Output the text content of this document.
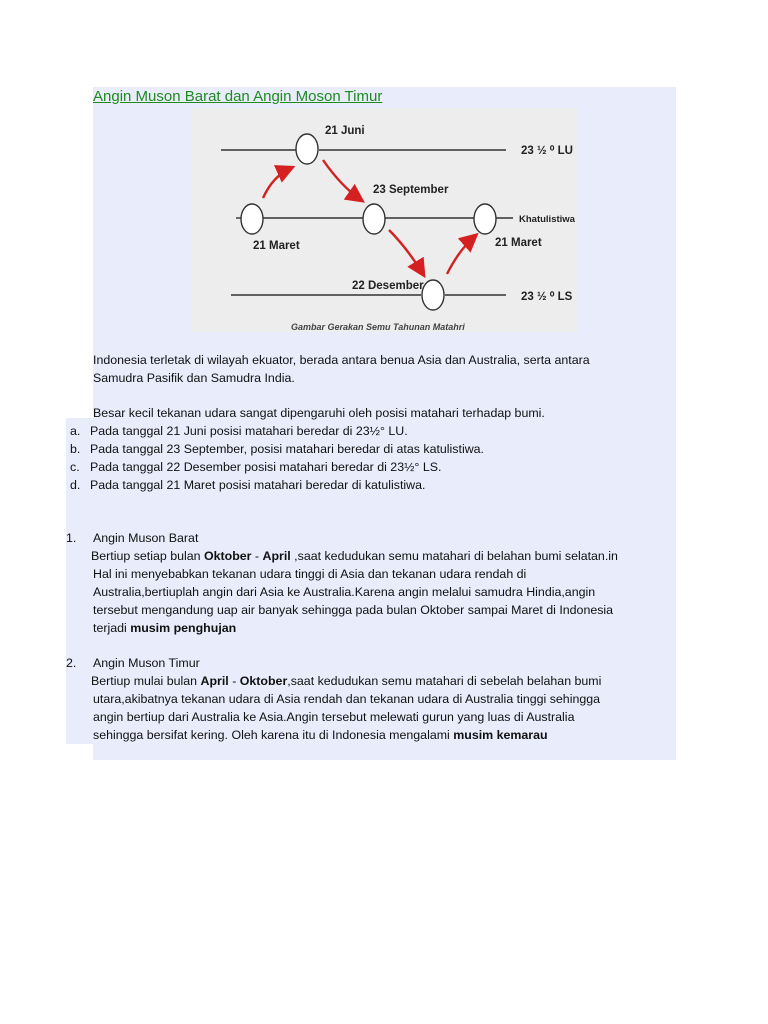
Angin Muson Barat dan Angin Moson Timur
21 Juni
23 September
21 Maret	21 Maret
22 Desember
23 ½ ⁰ LU
Khatulistiwa
23 ½ ⁰ LS
Gambar Gerakan Semu Tahunan Matahri
Indonesia terletak di wilayah ekuator, berada antara benua Asia dan Australia, serta antara
Samudra Pasifik dan Samudra India.
Besar kecil tekanan udara sangat dipengaruhi oleh posisi matahari terhadap bumi.
a. Pada tanggal 21 Juni posisi matahari beredar di 23½° LU.
b. Pada tanggal 23 September, posisi matahari beredar di atas katulistiwa.
c. Pada tanggal 22 Desember posisi matahari beredar di 23½° LS.
d. Pada tanggal 21 Maret posisi matahari beredar di katulistiwa.
1. Angin Muson Barat
Bertiup setiap bulan Oktober - April ,saat kedudukan semu matahari di belahan bumi selatan.in
Hal ini menyebabkan tekanan udara tinggi di Asia dan tekanan udara rendah di
Australia,bertiuplah angin dari Asia ke Australia.Karena angin melalui samudra Hindia,angin
tersebut mengandung uap air banyak sehingga pada bulan Oktober sampai Maret di Indonesia
terjadi musim penghujan
2. Angin Muson Timur
Bertiup mulai bulan April - Oktober,saat kedudukan semu matahari di sebelah belahan bumi
utara,akibatnya tekanan udara di Asia rendah dan tekanan udara di Australia tinggi sehingga
angin bertiup dari Australia ke Asia.Angin tersebut melewati gurun yang luas di Australia
sehingga bersifat kering. Oleh karena itu di Indonesia mengalami musim kemarau
